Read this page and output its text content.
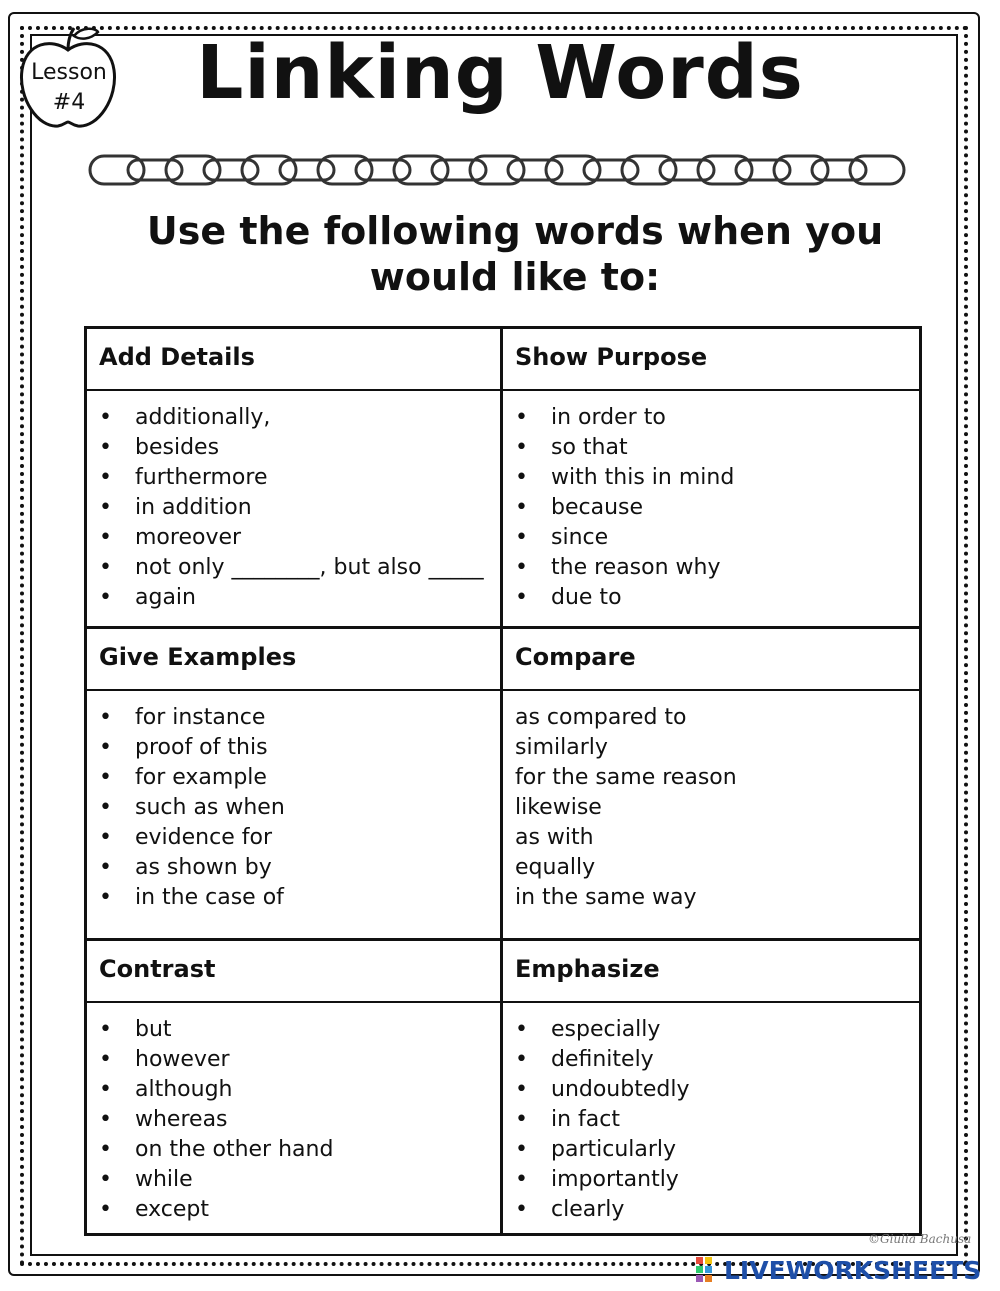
Lesson
#4	Linking Words
Use the following words when you would like to:
Add Details
• additionally,
• besides
• furthermore
• in addition
• moreover
• not only ________, but also _____
• again
Show Purpose
• in order to
• so that
• with this in mind
• because
• since
• the reason why
• due to
Give Examples
• for instance
• proof of this
• for example
• such as when
• evidence for
• as shown by
• in the case of
Compare
as compared to
similarly
for the same reason
likewise
as with
equally
in the same way
Contrast
• but
• however
• although
• whereas
• on the other hand
• while
• except
Emphasize
• especially
• definitely
• undoubtedly
• in fact
• particularly
• importantly
• clearly
©Giulia Bachusa
LIVEWORKSHEETS
